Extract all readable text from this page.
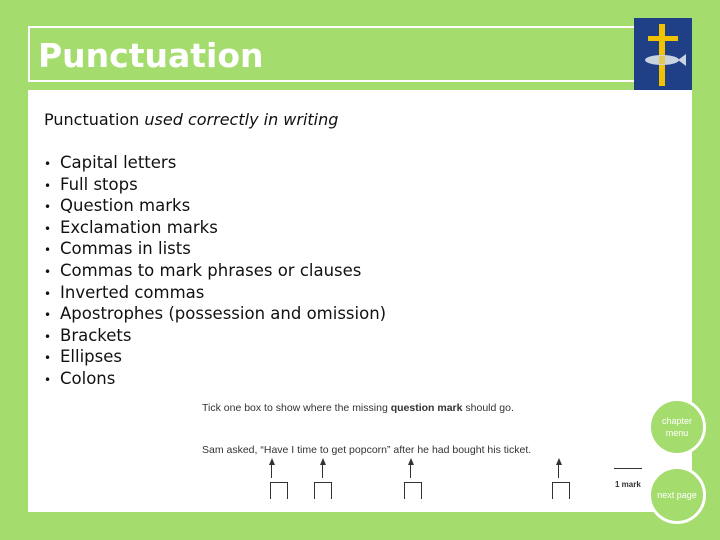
Punctuation
Punctuation used correctly in writing
• Capital letters
• Full stops
• Question marks
• Exclamation marks
• Commas in lists
• Commas to mark phrases or clauses
• Inverted commas
• Apostrophes (possession and omission)
• Brackets
• Ellipses
• Colons
Tick one box to show where the missing question mark should go.
Sam asked, “Have I time to get popcorn” after he had bought his ticket.
1 mark
chapter menu
next page
